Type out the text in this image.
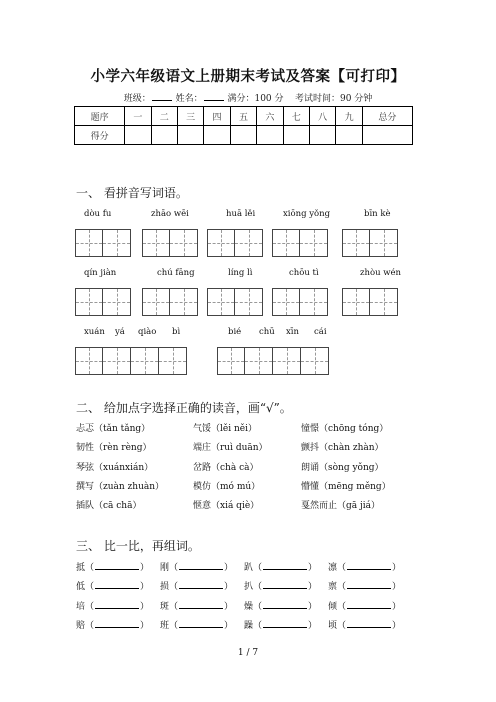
小学六年级语文上册期末考试及答案【可打印】
班级：	姓名：	满分：100 分 考试时间：90 分钟
题序	一	二	三	四	五	六	七	八	九	总分
得分										
一、 看拼音写词语。
dòu fu	zhāo wēi	huā lěi	xiōng yǒng	bīn kè
qín jiàn	chú fāng	líng lì	chōu tì	zhòu wén
xuán yá qiào bì	bié chū xīn cái
二、 给加点字选择正确的读音，画“√”。
忐忑（tǎn tǎng）	气馁（lěi něi）	憧憬（chōng tóng）
韧性（rèn rèng）	端庄（ruì duān）	颤抖（chàn zhàn）
琴弦（xuánxián）	岔路（chà cà）	朗诵（sòng yǒng）
撰写（zuàn zhuàn）	模仿（mó mú）	懵懂（mēng měng）
插队（cā chā）	惬意（xiá qiè）	戛然而止（gā jiá）
三、 比一比，再组词。
抵（	） 刚（	） 趴（	） 凛（	）
低（	） 损（	） 扒（	） 禀（	）
培（	） 斑（	） 燥（	） 倾（	）
赔（	） 班（	） 躁（	） 顷（	）
1 / 7
